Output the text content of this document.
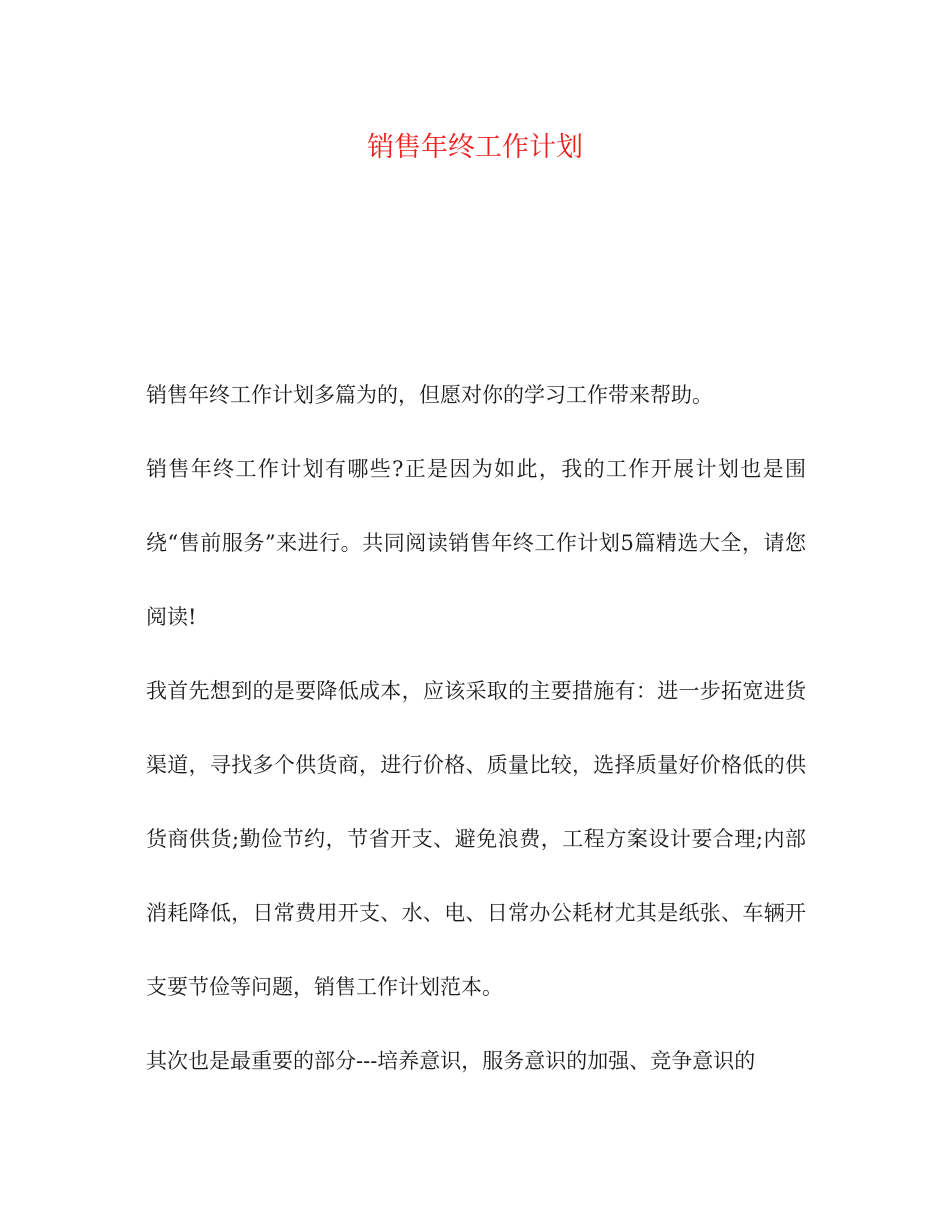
销售年终工作计划

销售年终工作计划多篇为的，但愿对你的学习工作带来帮助。

销售年终工作计划有哪些?正是因为如此，我的工作开展计划也是围绕“售前服务”来进行。共同阅读销售年终工作计划5篇精选大全，请您阅读!

我首先想到的是要降低成本，应该采取的主要措施有：进一步拓宽进货渠道，寻找多个供货商，进行价格、质量比较，选择质量好价格低的供货商供货;勤俭节约，节省开支、避免浪费，工程方案设计要合理;内部消耗降低，日常费用开支、水、电、日常办公耗材尤其是纸张、车辆开支要节俭等问题，销售工作计划范本。

其次也是最重要的部分---培养意识，服务意识的加强、竞争意识的
